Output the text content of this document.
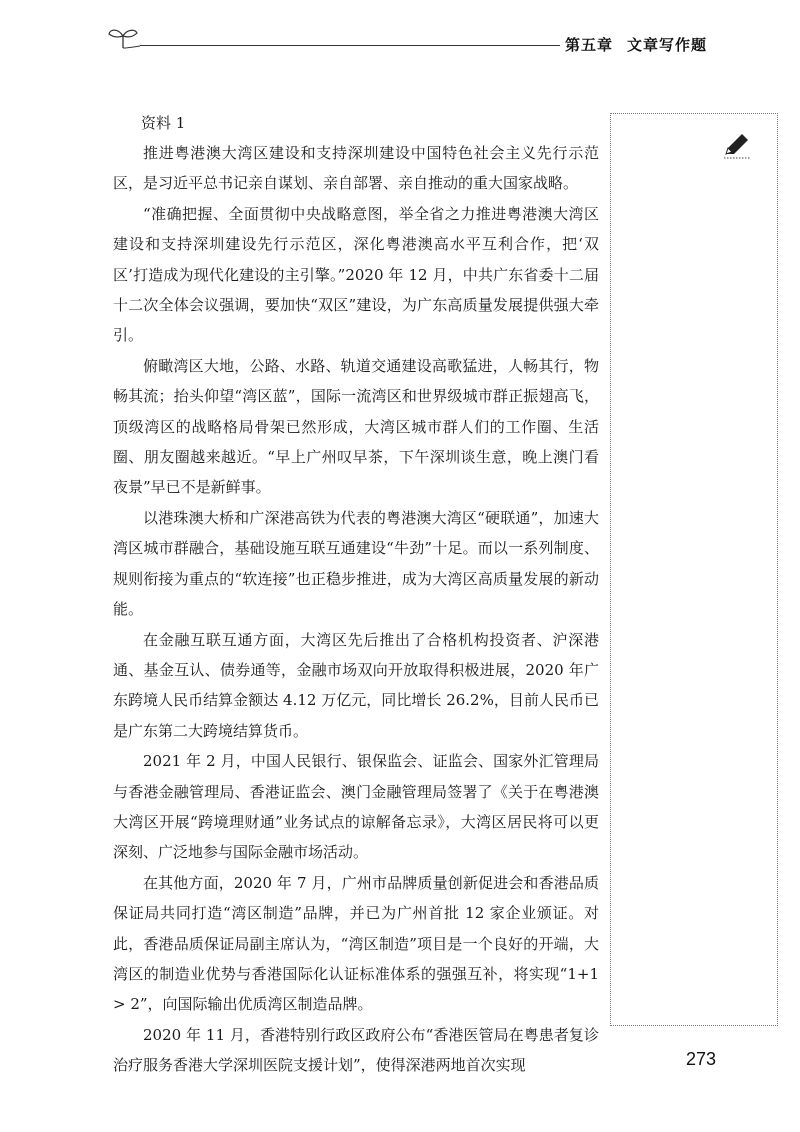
第五章 文章写作题
资料 1

推进粤港澳大湾区建设和支持深圳建设中国特色社会主义先行示范区，是习近平总书记亲自谋划、亲自部署、亲自推动的重大国家战略。

“准确把握、全面贯彻中央战略意图，举全省之力推进粤港澳大湾区建设和支持深圳建设先行示范区，深化粤港澳高水平互利合作，把‘双区’打造成为现代化建设的主引擎。”2020 年 12 月，中共广东省委十二届十二次全体会议强调，要加快“双区”建设，为广东高质量发展提供强大牵引。

俯瞰湾区大地，公路、水路、轨道交通建设高歌猛进，人畅其行，物畅其流；抬头仰望“湾区蓝”，国际一流湾区和世界级城市群正振翅高飞，顶级湾区的战略格局骨架已然形成，大湾区城市群人们的工作圈、生活圈、朋友圈越来越近。“早上广州叹早茶，下午深圳谈生意，晚上澳门看夜景”早已不是新鲜事。

以港珠澳大桥和广深港高铁为代表的粤港澳大湾区“硬联通”，加速大湾区城市群融合，基础设施互联互通建设“牛劲”十足。而以一系列制度、规则衔接为重点的“软连接”也正稳步推进，成为大湾区高质量发展的新动能。

在金融互联互通方面，大湾区先后推出了合格机构投资者、沪深港通、基金互认、债券通等，金融市场双向开放取得积极进展，2020 年广东跨境人民币结算金额达 4.12 万亿元，同比增长 26.2%，目前人民币已是广东第二大跨境结算货币。

2021 年 2 月，中国人民银行、银保监会、证监会、国家外汇管理局与香港金融管理局、香港证监会、澳门金融管理局签署了《关于在粤港澳大湾区开展“跨境理财通”业务试点的谅解备忘录》，大湾区居民将可以更深刻、广泛地参与国际金融市场活动。

在其他方面，2020 年 7 月，广州市品牌质量创新促进会和香港品质保证局共同打造“湾区制造”品牌，并已为广州首批 12 家企业颁证。对此，香港品质保证局副主席认为，“湾区制造”项目是一个良好的开端，大湾区的制造业优势与香港国际化认证标准体系的强强互补，将实现“1+1 > 2”，向国际输出优质湾区制造品牌。

2020 年 11 月，香港特别行政区政府公布“香港医管局在粤患者复诊治疗服务香港大学深圳医院支援计划”，使得深港两地首次实现	273
